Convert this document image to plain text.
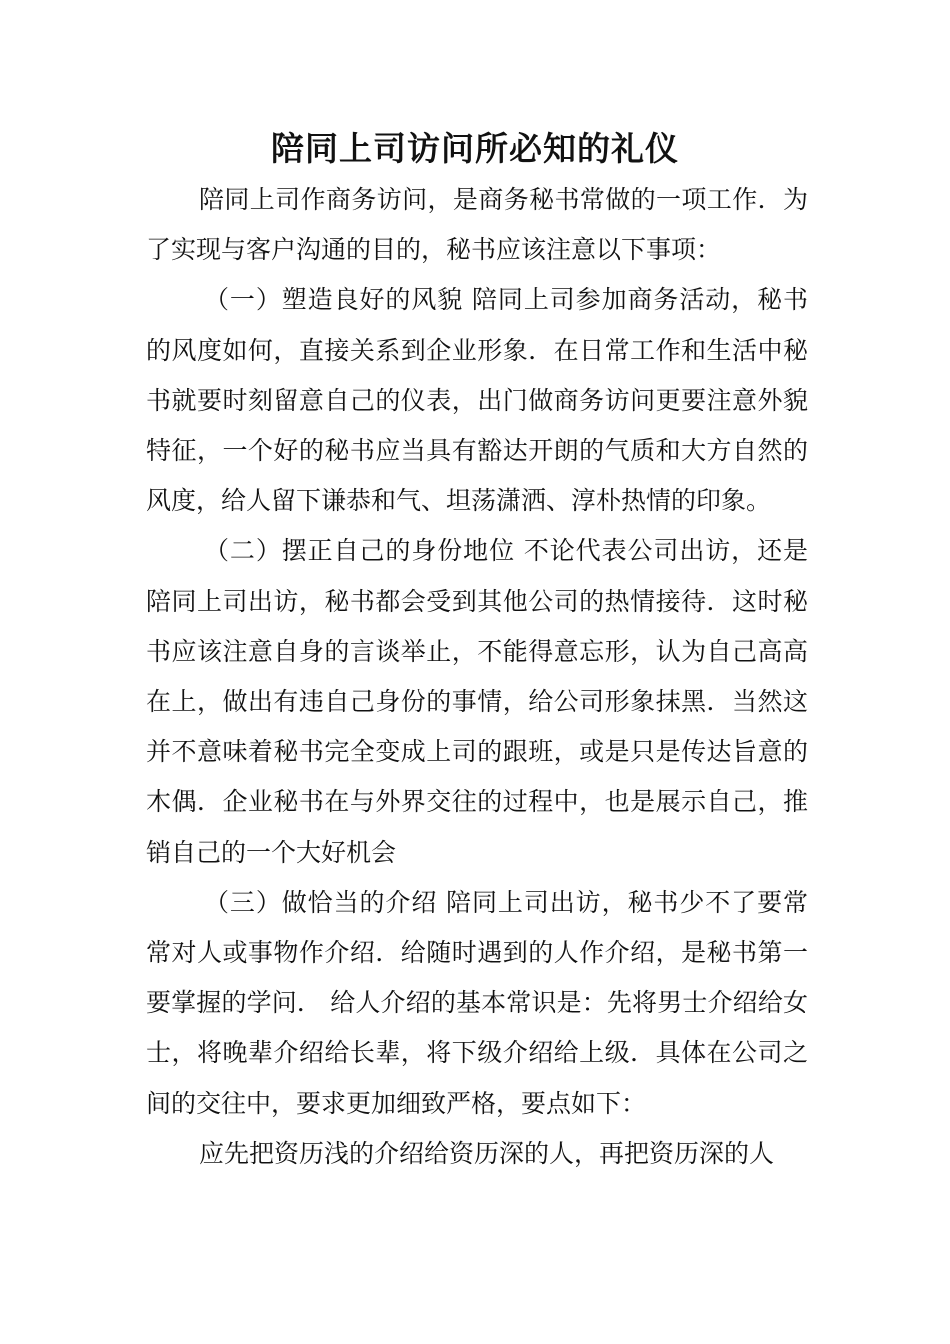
陪同上司访问所必知的礼仪

陪同上司作商务访问，是商务秘书常做的一项工作．为了实现与客户沟通的目的，秘书应该注意以下事项：

（一）塑造良好的风貌 陪同上司参加商务活动，秘书的风度如何，直接关系到企业形象．在日常工作和生活中秘书就要时刻留意自己的仪表，出门做商务访问更要注意外貌特征，一个好的秘书应当具有豁达开朗的气质和大方自然的风度，给人留下谦恭和气、坦荡潇洒、淳朴热情的印象。

（二）摆正自己的身份地位 不论代表公司出访，还是陪同上司出访，秘书都会受到其他公司的热情接待．这时秘书应该注意自身的言谈举止，不能得意忘形，认为自己高高在上，做出有违自己身份的事情，给公司形象抹黑．当然这并不意味着秘书完全变成上司的跟班，或是只是传达旨意的木偶．企业秘书在与外界交往的过程中，也是展示自己，推销自己的一个大好机会

（三）做恰当的介绍 陪同上司出访，秘书少不了要常常对人或事物作介绍．给随时遇到的人作介绍，是秘书第一要掌握的学问． 给人介绍的基本常识是：先将男士介绍给女士，将晚辈介绍给长辈，将下级介绍给上级．具体在公司之间的交往中，要求更加细致严格，要点如下：

应先把资历浅的介绍给资历深的人，再把资历深的人
